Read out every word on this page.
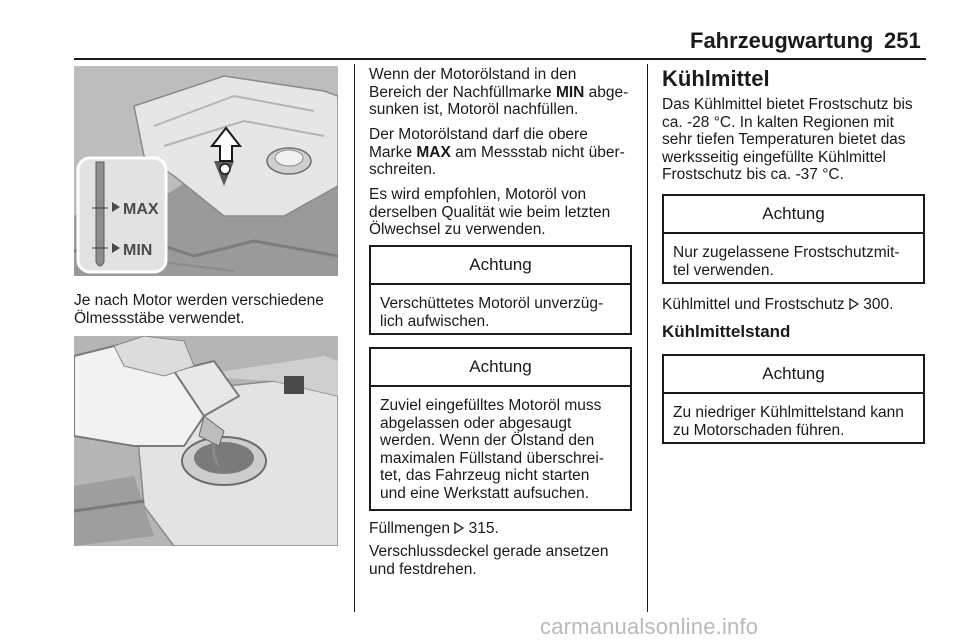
Fahrzeugwartung 251
MAX
MIN
Je nach Motor werden verschiedene Ölmessstäbe verwendet.
Wenn der Motorölstand in den
Bereich der Nachfüllmarke MIN abge-
sunken ist, Motoröl nachfüllen.
Der Motorölstand darf die obere
Marke MAX am Messstab nicht über-
schreiten.
Es wird empfohlen, Motoröl von
derselben Qualität wie beim letzten
Ölwechsel zu verwenden.
Achtung
Verschüttetes Motoröl unverzüg-
lich aufwischen.
Achtung
Zuviel eingefülltes Motoröl muss
abgelassen oder abgesaugt
werden. Wenn der Ölstand den
maximalen Füllstand überschrei-
tet, das Fahrzeug nicht starten
und eine Werkstatt aufsuchen.
Füllmengen 315.
Verschlussdeckel gerade ansetzen
und festdrehen.
Kühlmittel
Das Kühlmittel bietet Frostschutz bis
ca. -28 °C. In kalten Regionen mit
sehr tiefen Temperaturen bietet das
werksseitig eingefüllte Kühlmittel
Frostschutz bis ca. -37 °C.
Achtung
Nur zugelassene Frostschutzmit-
tel verwenden.
Kühlmittel und Frostschutz 300.
Kühlmittelstand
Achtung
Zu niedriger Kühlmittelstand kann
zu Motorschaden führen.
carmanualsonline.info
